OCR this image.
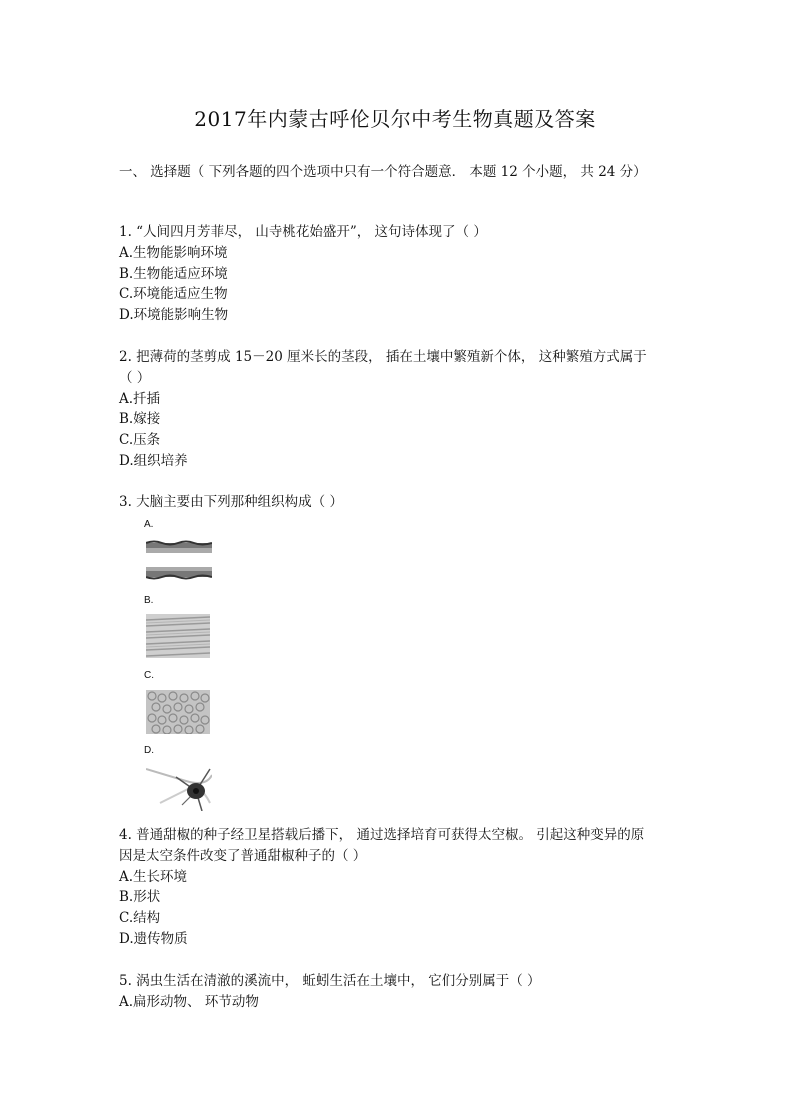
2017年内蒙古呼伦贝尔中考生物真题及答案
一、 选择题（ 下列各题的四个选项中只有一个符合题意． 本题 12 个小题， 共 24 分）
1. “人间四月芳菲尽， 山寺桃花始盛开”， 这句诗体现了（ ）
A.生物能影响环境
B.生物能适应环境
C.环境能适应生物
D.环境能影响生物
2. 把薄荷的茎剪成 15－20 厘米长的茎段， 插在土壤中繁殖新个体， 这种繁殖方式属于
（ ）
A.扦插
B.嫁接
C.压条
D.组织培养
3. 大脑主要由下列那种组织构成（ ）
A.
B.
C.
D.
4. 普通甜椒的种子经卫星搭载后播下， 通过选择培育可获得太空椒。 引起这种变异的原
因是太空条件改变了普通甜椒种子的（ ）
A.生长环境
B.形状
C.结构
D.遗传物质
5. 涡虫生活在清澈的溪流中， 蚯蚓生活在土壤中， 它们分别属于（ ）
A.扁形动物、 环节动物
